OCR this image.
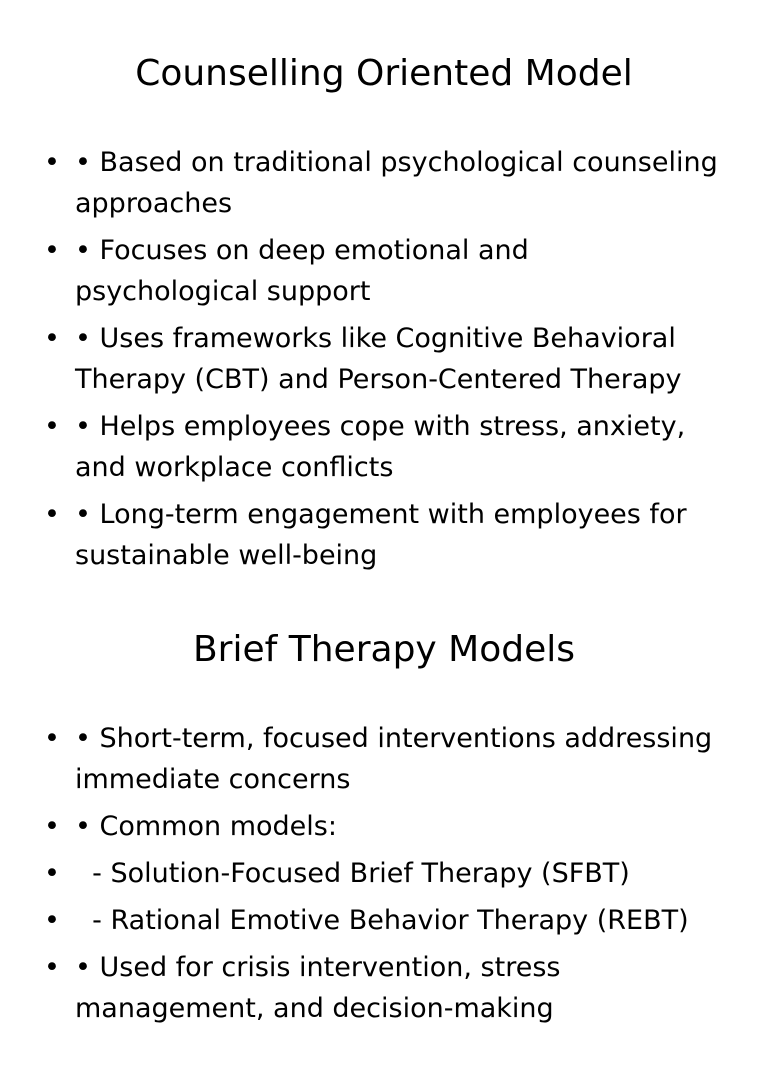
Counselling Oriented Model
• • Based on traditional psychological counseling approaches
• • Focuses on deep emotional and psychological support
• • Uses frameworks like Cognitive Behavioral Therapy (CBT) and Person-Centered Therapy
• • Helps employees cope with stress, anxiety, and workplace conflicts
• • Long-term engagement with employees for sustainable well-being
Brief Therapy Models
• • Short-term, focused interventions addressing immediate concerns
• • Common models:
• - Solution-Focused Brief Therapy (SFBT)
• - Rational Emotive Behavior Therapy (REBT)
• • Used for crisis intervention, stress management, and decision-making
